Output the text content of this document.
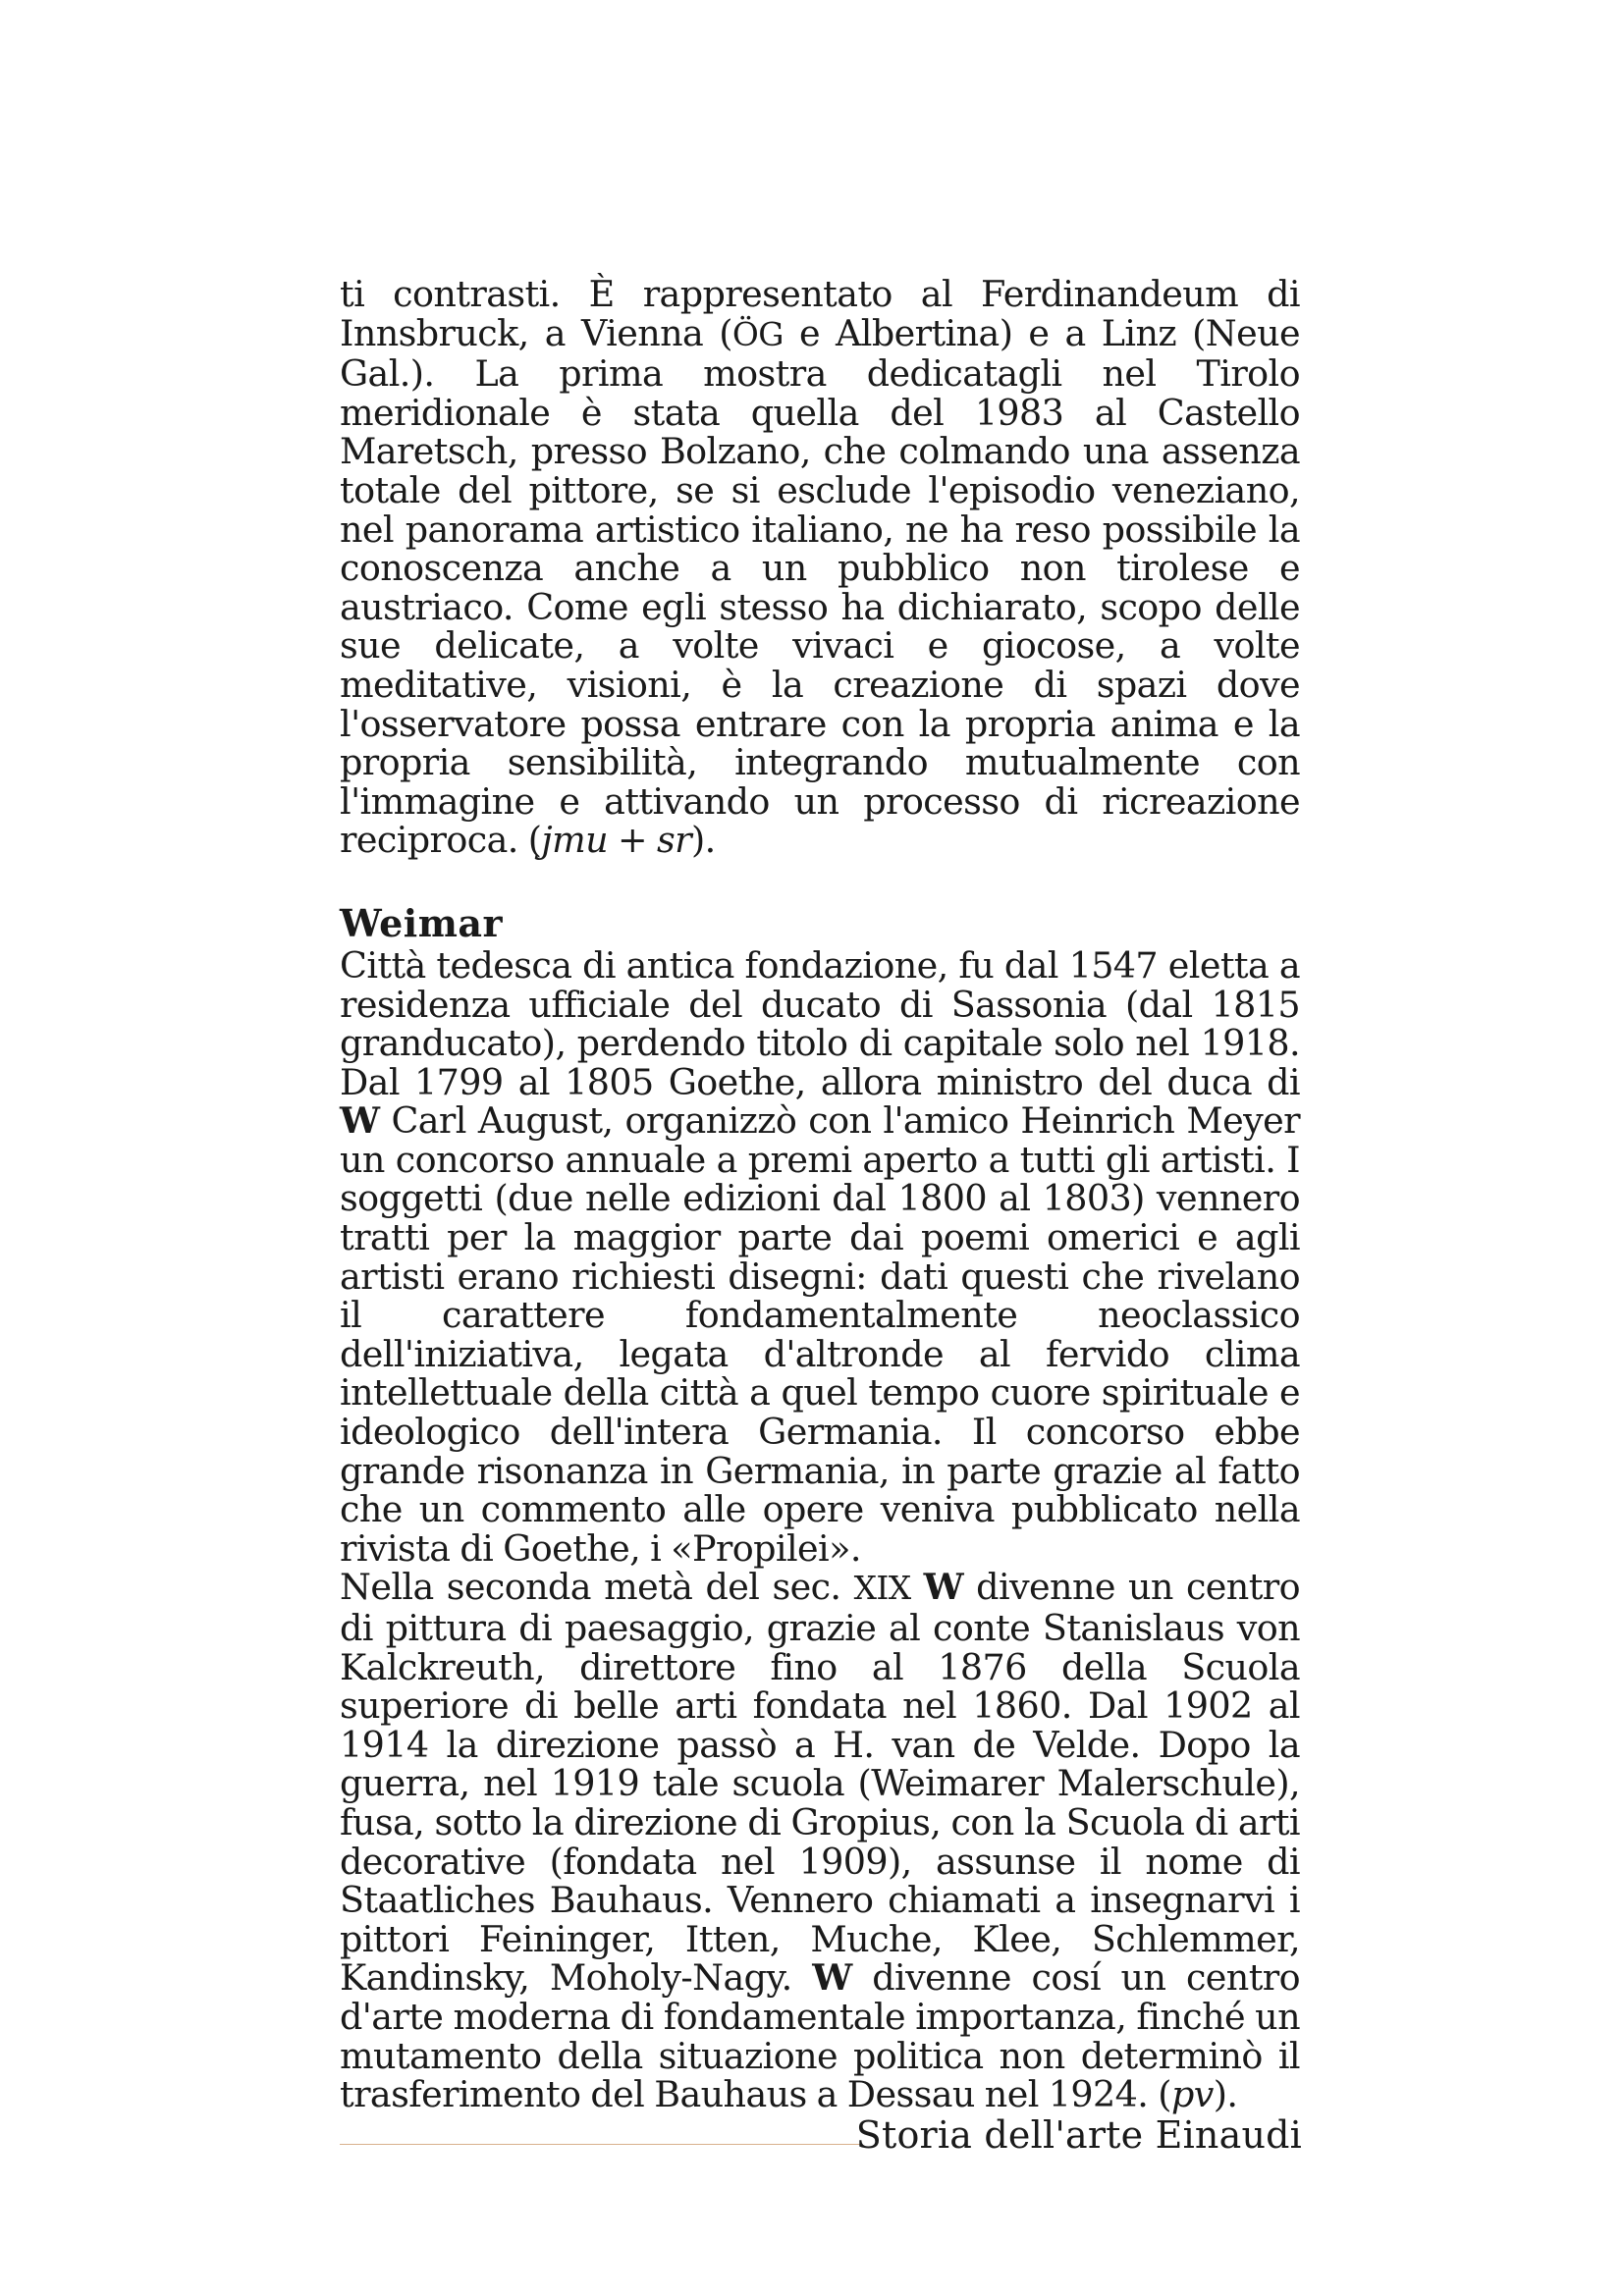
ti contrasti. È rappresentato al Ferdinandeum di Innsbruck, a Vienna (ÖG e Albertina) e a Linz (Neue Gal.). La prima mostra dedicatagli nel Tirolo meridionale è stata quella del 1983 al Castello Maretsch, presso Bolzano, che colmando una assenza totale del pittore, se si esclude l'episodio veneziano, nel panorama artistico italiano, ne ha reso possibile la conoscenza anche a un pubblico non tirolese e austriaco. Come egli stesso ha dichiarato, scopo delle sue delicate, a volte vivaci e giocose, a volte meditative, visioni, è la creazione di spazi dove l'osservatore possa entrare con la propria anima e la propria sensibilità, integrando mutualmente con l'immagine e attivando un processo di ricreazione reciproca. (jmu + sr).

Weimar

Città tedesca di antica fondazione, fu dal 1547 eletta a residenza ufficiale del ducato di Sassonia (dal 1815 granducato), perdendo titolo di capitale solo nel 1918. Dal 1799 al 1805 Goethe, allora ministro del duca di W Carl August, organizzò con l'amico Heinrich Meyer un concorso annuale a premi aperto a tutti gli artisti. I soggetti (due nelle edizioni dal 1800 al 1803) vennero tratti per la maggior parte dai poemi omerici e agli artisti erano richiesti disegni: dati questi che rivelano il carattere fondamentalmente neoclassico dell'iniziativa, legata d'altronde al fervido clima intellettuale della città a quel tempo cuore spirituale e ideologico dell'intera Germania. Il concorso ebbe grande risonanza in Germania, in parte grazie al fatto che un commento alle opere veniva pubblicato nella rivista di Goethe, i «Propilei».

Nella seconda metà del sec. XIX W divenne un centro di pittura di paesaggio, grazie al conte Stanislaus von Kalckreuth, direttore fino al 1876 della Scuola superiore di belle arti fondata nel 1860. Dal 1902 al 1914 la direzione passò a H. van de Velde. Dopo la guerra, nel 1919 tale scuola (Weimarer Malerschule), fusa, sotto la direzione di Gropius, con la Scuola di arti decorative (fondata nel 1909), assunse il nome di Staatliches Bauhaus. Vennero chiamati a insegnarvi i pittori Feininger, Itten, Muche, Klee, Schlemmer, Kandinsky, Moholy-Nagy. W divenne cosí un centro d'arte moderna di fondamentale importanza, finché un mutamento della situazione politica non determinò il trasferimento del Bauhaus a Dessau nel 1924. (pv).

Storia dell'arte Einaudi
